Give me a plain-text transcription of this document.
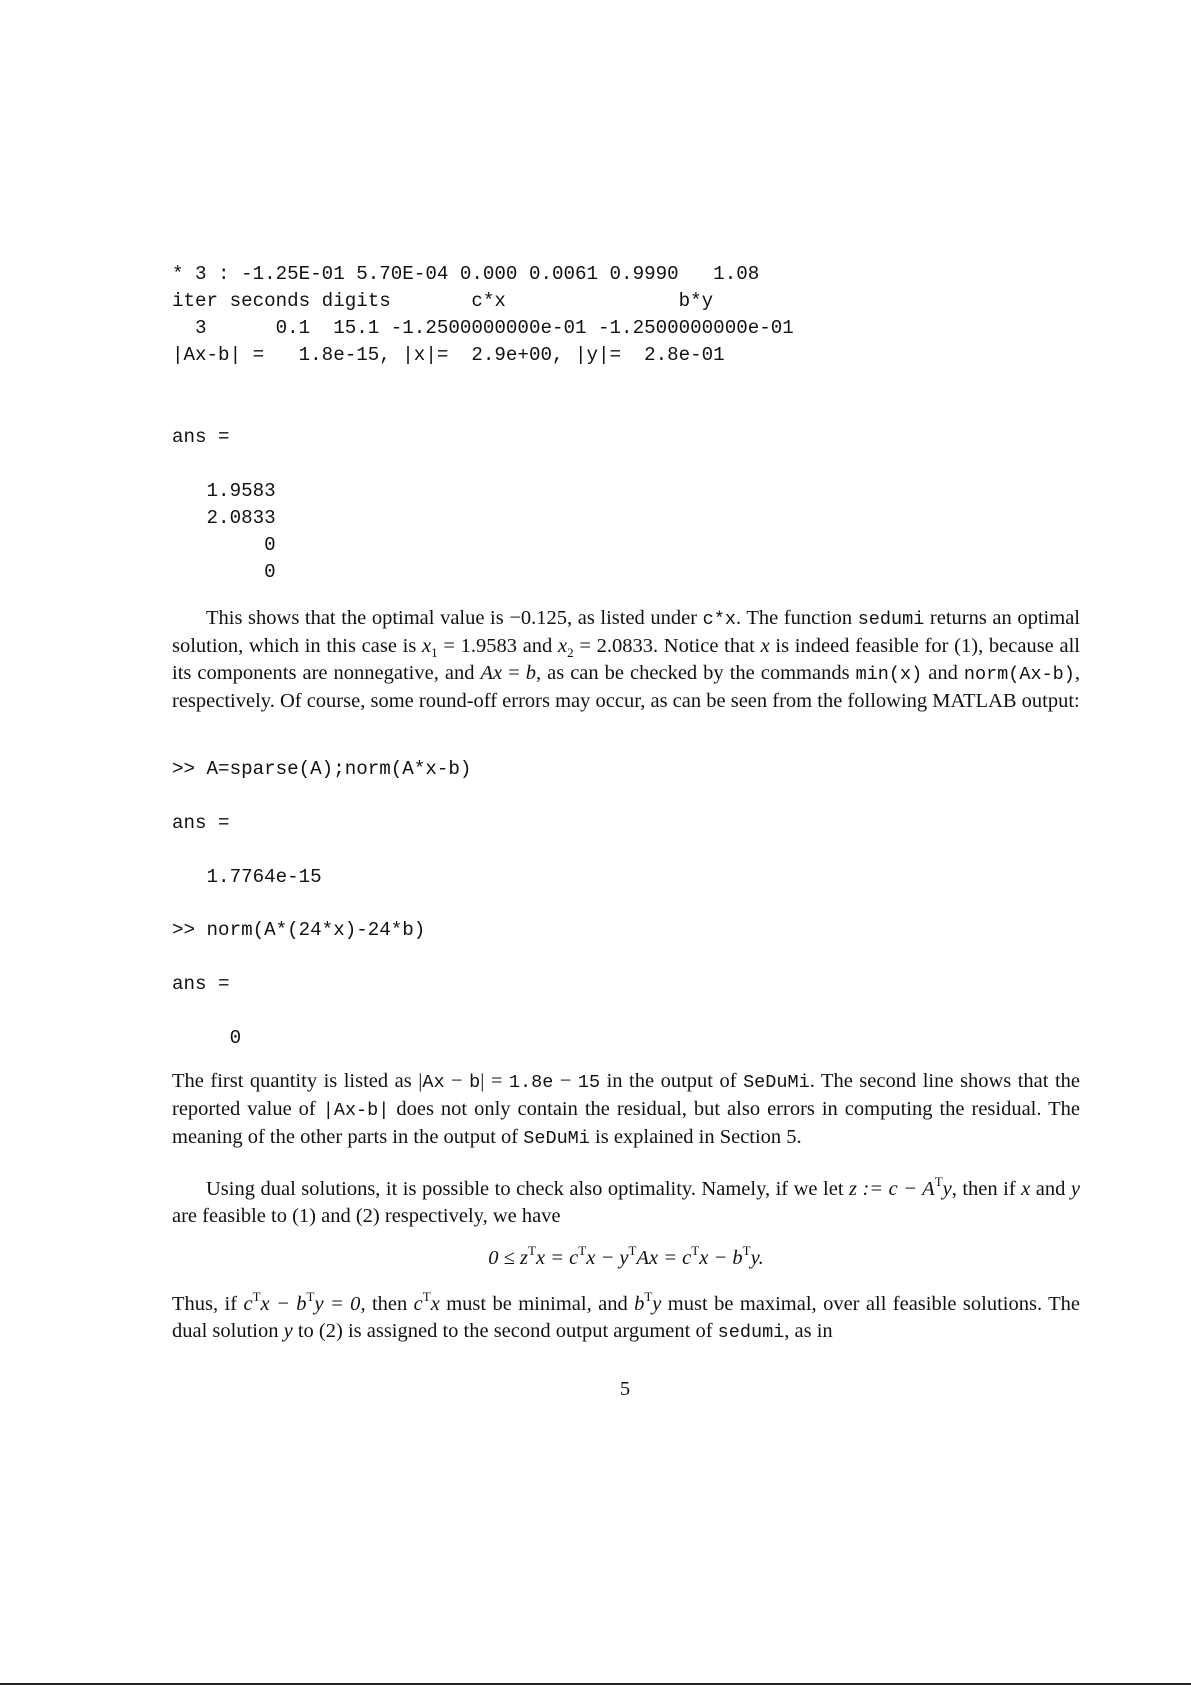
* 3 : -1.25E-01 5.70E-04 0.000 0.0061 0.9990   1.08
iter seconds digits       c*x               b*y
3      0.1  15.1 -1.2500000000e-01 -1.2500000000e-01
|Ax-b| =   1.8e-15, |x|=  2.9e+00, |y|=  2.8e-01
ans =
1.9583
2.0833
0
0

This shows that the optimal value is −0.125, as listed under c*x. The function sedumi returns an optimal solution, which in this case is $x_1 = 1.9583$ and $x_2 = 2.0833$. Notice that x is indeed feasible for (1), because all its components are nonnegative, and Ax = b, as can be checked by the commands min(x) and norm(Ax-b), respectively. Of course, some round-off errors may occur, as can be seen from the following MATLAB output:

>> A=sparse(A);norm(A*x-b)
ans =
1.7764e-15
>> norm(A*(24*x)-24*b)
ans =
0

The first quantity is listed as |Ax − b| = 1.8e − 15 in the output of SeDuMi. The second line shows that the reported value of |Ax-b| does not only contain the residual, but also errors in computing the residual. The meaning of the other parts in the output of SeDuMi is explained in Section 5.

Using dual solutions, it is possible to check also optimality. Namely, if we let z := $c - A^Ty$, then if x and y are feasible to (1) and (2) respectively, we have

$0 \le z^Tx = c^Tx - y^TAx = c^Tx - b^Ty$.

Thus, if $c^Tx - b^Ty = 0$, then $c^Tx$ must be minimal, and $b^Ty$ must be maximal, over all feasible solutions. The dual solution y to (2) is assigned to the second output argument of sedumi, as in

5
